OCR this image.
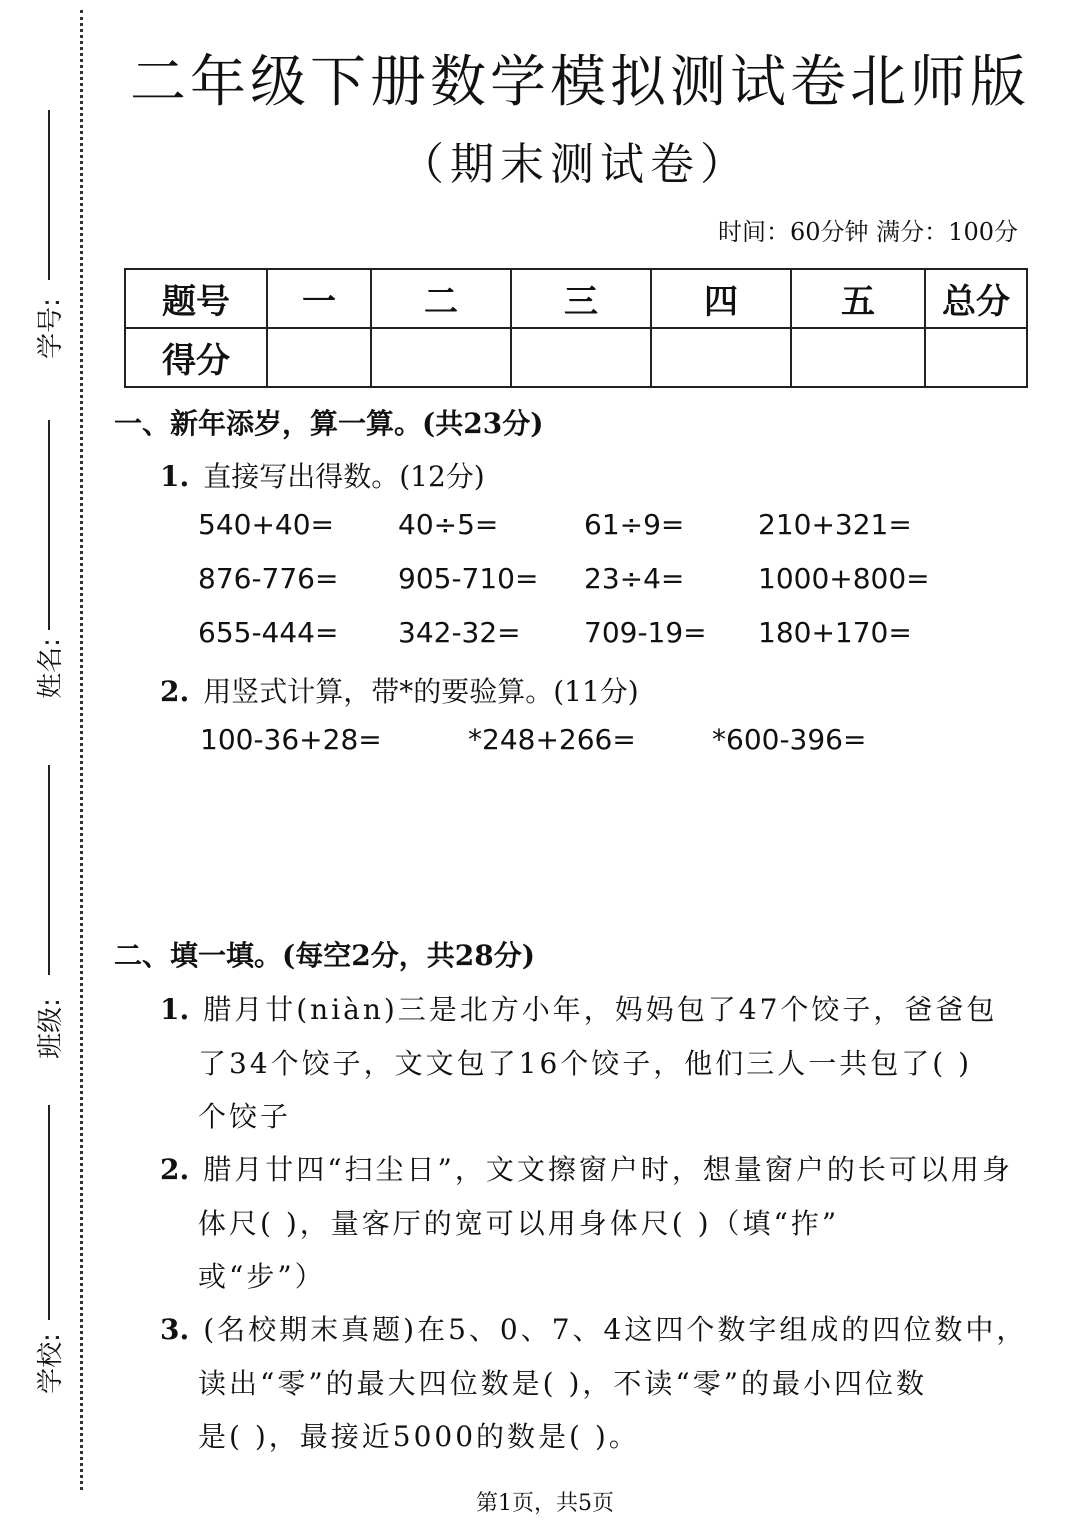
学号:
姓名:
班级:
学校:
二年级下册数学模拟测试卷北师版
（期末测试卷）
时间：60分钟 满分：100分
题号	一	二	三	四	五	总分
得分						
一、新年添岁，算一算。(共23分)
1. 直接写出得数。(12分)
540+40= 40÷5=	61÷9=	210+321=
876-776= 905-710= 23÷4=	1000+800=
655-444= 342-32= 709-19= 180+170=
2. 用竖式计算，带*的要验算。(11分)
100-36+28=	*248+266=	*600-396=
二、填一填。(每空2分，共28分)
1. 腊月廿(niàn)三是北方小年，妈妈包了47个饺子，爸爸包
了34个饺子，文文包了16个饺子，他们三人一共包了( )
个饺子
2. 腊月廿四“扫尘日”，文文擦窗户时，想量窗户的长可以用身
体尺( )，量客厅的宽可以用身体尺( )（填“拃”
或“步”）
3. (名校期末真题)在5、0、7、4这四个数字组成的四位数中，
读出“零”的最大四位数是( )，不读“零”的最小四位数
是( )，最接近5000的数是( )。
第1页，共5页
